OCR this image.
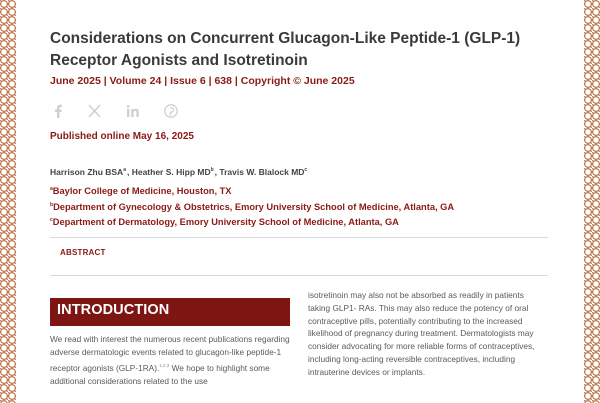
Considerations on Concurrent Glucagon-Like Peptide-1 (GLP-1) Receptor Agonists and Isotretinoin
June 2025 | Volume 24 | Issue 6 | 638 | Copyright © June 2025
Published online May 16, 2025
Harrison Zhu BSA$^a$, Heather S. Hipp $MD^b$, Travis W. Blalock $MD^c$
$^a$Baylor College of Medicine, Houston, TX
$^b$Department of Gynecology & Obstetrics, Emory University School of Medicine, Atlanta, GA
$^c$Department of Dermatology, Emory University School of Medicine, Atlanta, GA
ABSTRACT
INTRODUCTION

We read with interest the numerous recent publications regarding adverse dermatologic events related to glucagon-like peptide-1 receptor agonists (GLP-1RA).$^{1,2,3}$ We hope to highlight some additional considerations related to the use

isotretinoin may also not be absorbed as readily in patients taking GLP1- RAs. This may also reduce the potency of oral contraceptive pills, potentially contributing to the increased likelihood of pregnancy during treatment. Dermatologists may consider advocating for more reliable forms of contraceptives, including long-acting reversible contraceptives, including intrauterine devices or implants.
